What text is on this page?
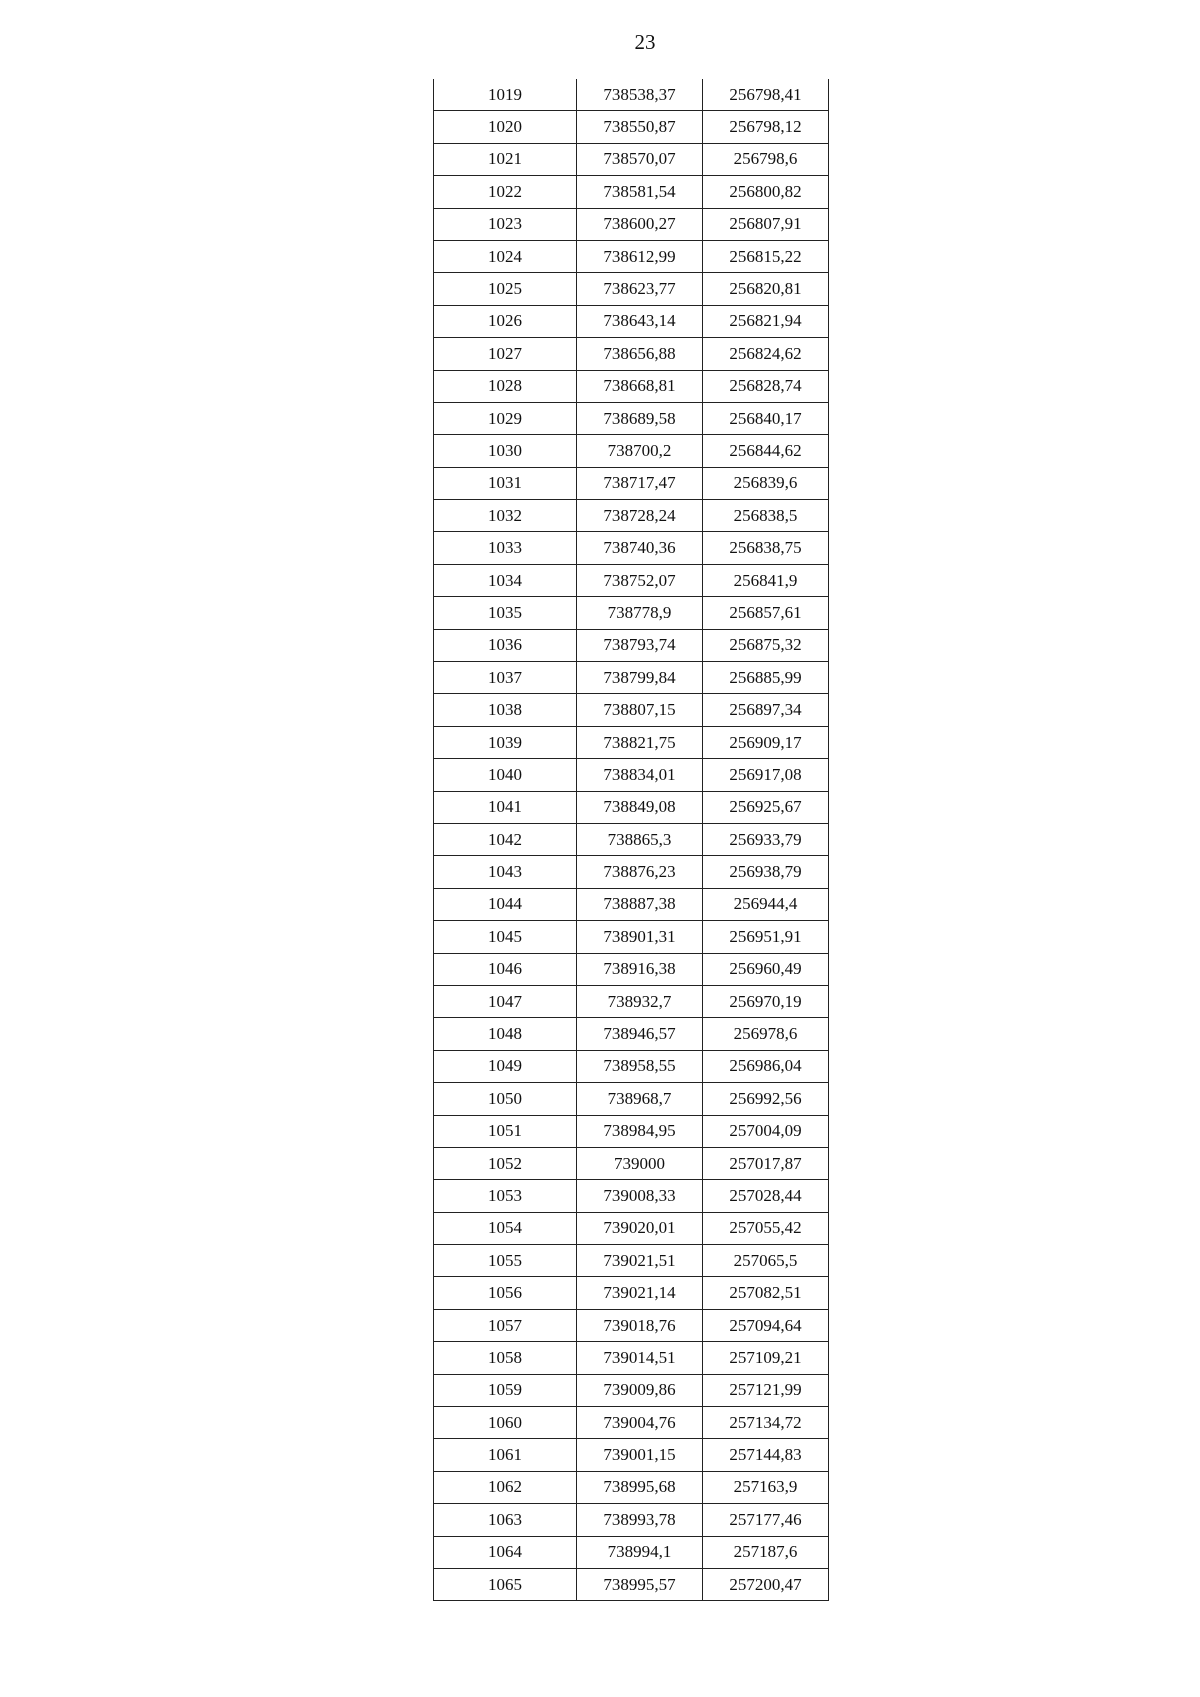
23
1019	738538,37	256798,41
1020	738550,87	256798,12
1021	738570,07	256798,6
1022	738581,54	256800,82
1023	738600,27	256807,91
1024	738612,99	256815,22
1025	738623,77	256820,81
1026	738643,14	256821,94
1027	738656,88	256824,62
1028	738668,81	256828,74
1029	738689,58	256840,17
1030	738700,2	256844,62
1031	738717,47	256839,6
1032	738728,24	256838,5
1033	738740,36	256838,75
1034	738752,07	256841,9
1035	738778,9	256857,61
1036	738793,74	256875,32
1037	738799,84	256885,99
1038	738807,15	256897,34
1039	738821,75	256909,17
1040	738834,01	256917,08
1041	738849,08	256925,67
1042	738865,3	256933,79
1043	738876,23	256938,79
1044	738887,38	256944,4
1045	738901,31	256951,91
1046	738916,38	256960,49
1047	738932,7	256970,19
1048	738946,57	256978,6
1049	738958,55	256986,04
1050	738968,7	256992,56
1051	738984,95	257004,09
1052	739000	257017,87
1053	739008,33	257028,44
1054	739020,01	257055,42
1055	739021,51	257065,5
1056	739021,14	257082,51
1057	739018,76	257094,64
1058	739014,51	257109,21
1059	739009,86	257121,99
1060	739004,76	257134,72
1061	739001,15	257144,83
1062	738995,68	257163,9
1063	738993,78	257177,46
1064	738994,1	257187,6
1065	738995,57	257200,47
